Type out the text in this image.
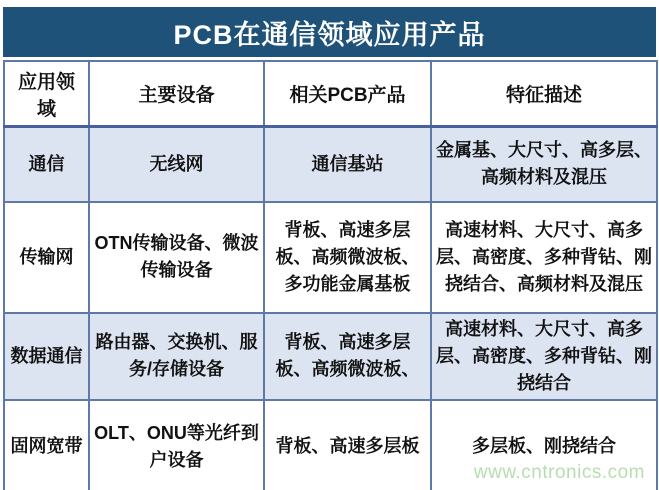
PCB在通信领域应用产品
应用领域	主要设备	相关PCB产品	特征描述
通信	无线网	通信基站	金属基、大尺寸、高多层、高频材料及混压
传输网	OTN传输设备、微波传输设备	背板、高速多层板、高频微波板、多功能金属基板	高速材料、大尺寸、高多层、高密度、多种背钻、刚挠结合、高频材料及混压
数据通信	路由器、交换机、服务/存储设备	背板、高速多层板、高频微波板、	高速材料、大尺寸、高多层、高密度、多种背钻、刚挠结合
固网宽带	OLT、ONU等光纤到户设备	背板、高速多层板	多层板、刚挠结合
www.cntronics.com
